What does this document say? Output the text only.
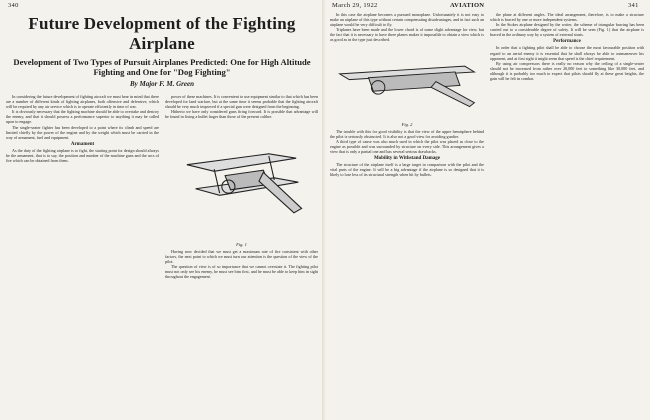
340
Future Development of the Fighting Airplane
Development of Two Types of Pursuit Airplanes Predicted: One for High Altitude Fighting and One for "Dog Fighting"
By Major F. M. Green

In considering the future development of fighting aircraft we must bear in mind that there are a number of different kinds of fighting airplanes, both offensive and defensive, which will be required by any air service which is to operate efficiently in time of war.

It is obviously necessary that the fighting machine should be able to overtake and destroy the enemy, and that it should possess a performance superior to anything it may be called upon to engage.

The single-seater fighter has been developed to a point where its climb and speed are limited chiefly by the power of the engine and by the weight which must be carried in the way of armament, fuel and equipment.

Armament

As the duty of the fighting airplane is to fight, the starting point for design should always be the armament, that is to say, the position and number of the machine guns and the arcs of fire which can be obtained from them.

power of these machines. It is convenient to use equipment similar to that which has been developed for land warfare, but at the same time it seems probable that the fighting aircraft should be very much improved if a special gun were designed from the beginning.

Hitherto we have only considered guns firing forward. It is possible that advantage will be found in fixing a bullet larger than those of the present calibre.

Fig. 1

Having now decided that we must get a maximum rate of fire consistent with other factors, the next point to which we must turn our attention is the question of the view of the pilot.

The question of view is of so importance that we cannot overstate it. The fighting pilot must not only see his enemy, he must see him first, and he must be able to keep him in sight throughout the engagement.

March 29, 1922	AVIATION	341

In this case the airplane becomes a pursued monoplane. Unfortunately it is not easy to make an airplane of this type without certain compensating disadvantages, and in fact such an airplane would be very difficult to fly.

Triplanes have been made and the lower chord is of some slight advantage for view, but the fact that it is necessary to have three planes makes it impossible to obtain a view which is as good as in the type just described.

Fig. 2

The trouble with this for good visibility is that the view of the upper hemisphere behind the pilot is seriously obstructed. It is also not a good view for avoiding gunfire.

A third type of cause was also much used in which the pilot was placed as close to the engine as possible and was surrounded by structure on every side. This arrangement gives a view that is only a partial one and has several serious drawbacks.

Mobility in Withstand Damage

The structure of the airplane itself is a large target in comparison with the pilot and the vital parts of the engine. It will be a big advantage if the airplane is so designed that it is likely to lose less of its structural strength when hit by bullets.

the plane at different angles. The ideal arrangement, therefore, is to make a structure which is braced by one or more independent systems.

In the Stokes airplane designed by the writer, the scheme of triangular bracing has been carried out to a considerable degree of safety. It will be seen (Fig. 1) that the airplane is braced in the ordinary way by a system of external struts.

Performance

In order that a fighting pilot shall be able to choose the most favourable position with regard to an aerial enemy it is essential that he shall always be able to outmaneuver his opponent, and at first sight it might seem that speed is the chief requirement.

By using air compressors there is really no reason why the ceiling of a single-seater should not be increased from rather over 20,000 feet to something like 30,000 feet, and although it is probably too much to expect that pilots should fly at these great heights, the gain will be felt in combat.
